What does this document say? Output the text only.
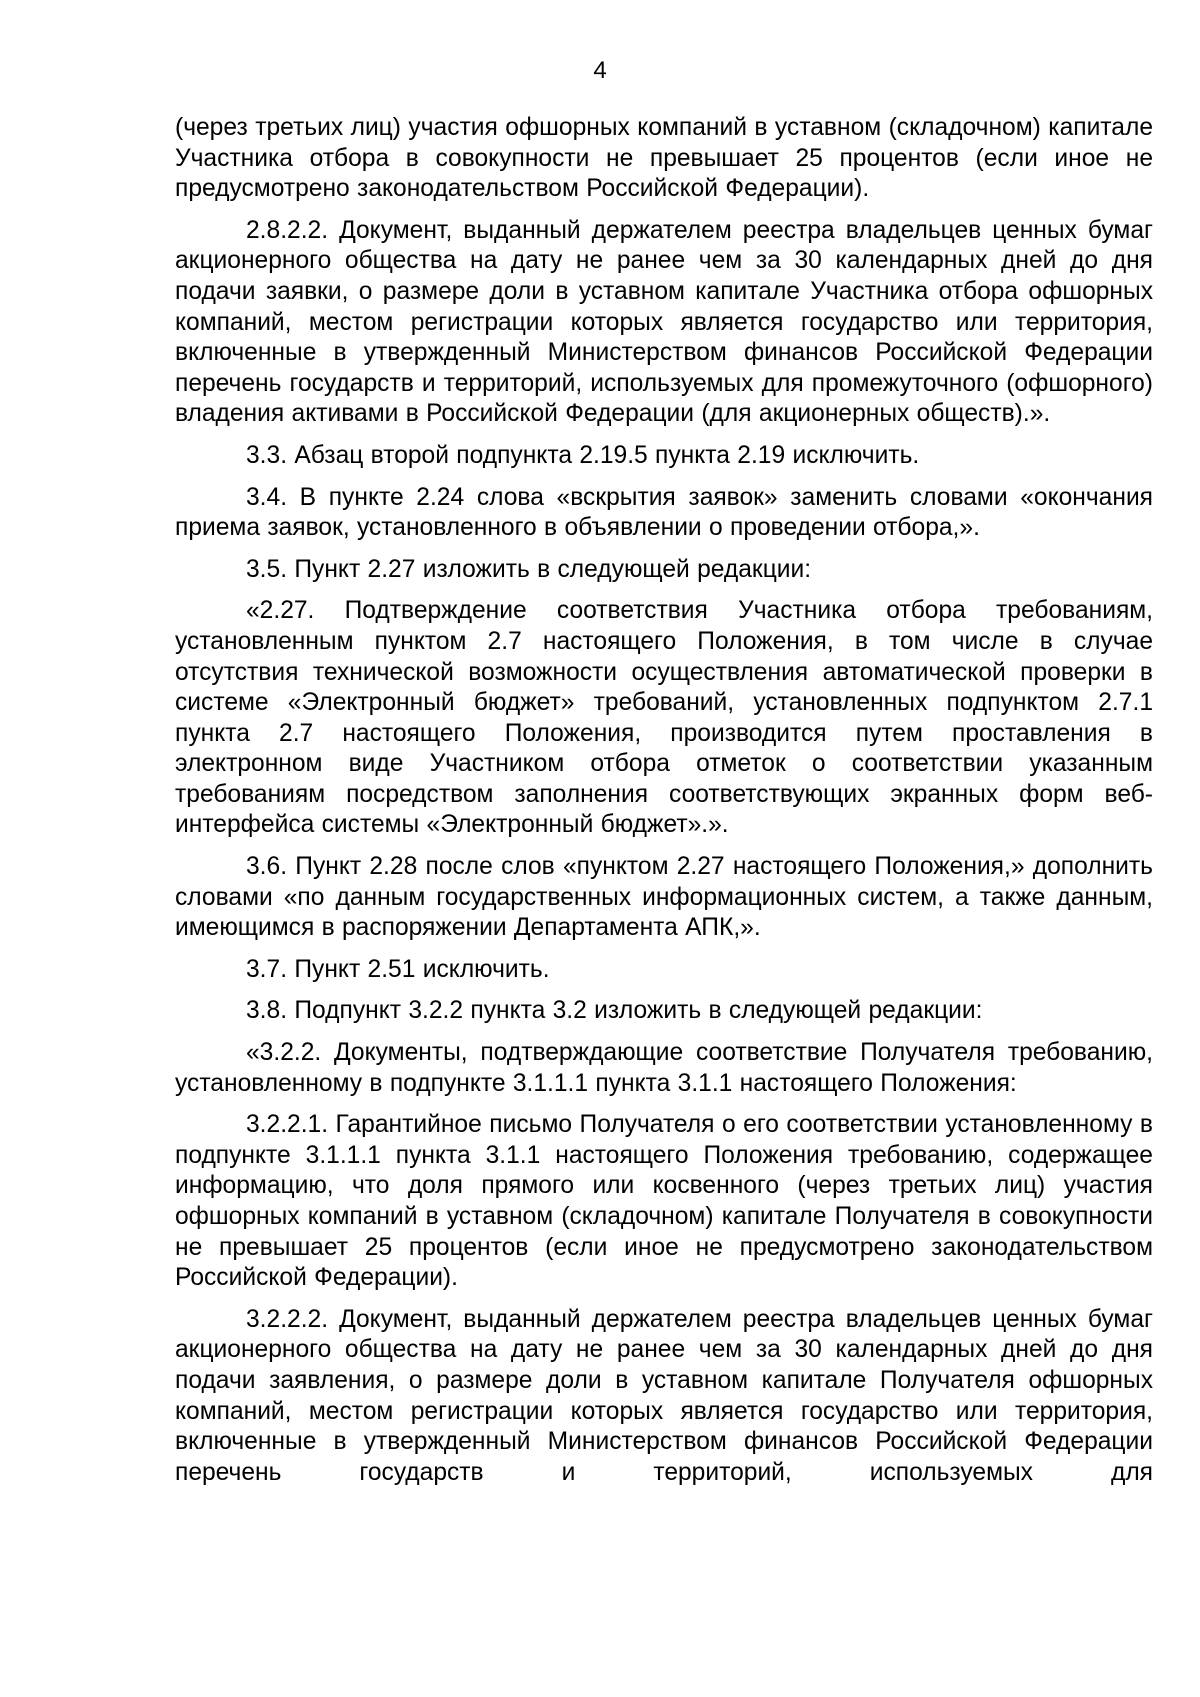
4

(через третьих лиц) участия офшорных компаний в уставном (складочном) капитале Участника отбора в совокупности не превышает 25 процентов (если иное не предусмотрено законодательством Российской Федерации).

2.8.2.2. Документ, выданный держателем реестра владельцев ценных бумаг акционерного общества на дату не ранее чем за 30 календарных дней до дня подачи заявки, о размере доли в уставном капитале Участника отбора офшорных компаний, местом регистрации которых является государство или территория, включенные в утвержденный Министерством финансов Российской Федерации перечень государств и территорий, используемых для промежуточного (офшорного) владения активами в Российской Федерации (для акционерных обществ).».

3.3. Абзац второй подпункта 2.19.5 пункта 2.19 исключить.

3.4. В пункте 2.24 слова «вскрытия заявок» заменить словами «окончания приема заявок, установленного в объявлении о проведении отбора,».

3.5. Пункт 2.27 изложить в следующей редакции:

«2.27. Подтверждение соответствия Участника отбора требованиям, установленным пунктом 2.7 настоящего Положения, в том числе в случае отсутствия технической возможности осуществления автоматической проверки в системе «Электронный бюджет» требований, установленных подпунктом 2.7.1 пункта 2.7 настоящего Положения, производится путем проставления в электронном виде Участником отбора отметок о соответствии указанным требованиям посредством заполнения соответствующих экранных форм веб-интерфейса системы «Электронный бюджет».».

3.6. Пункт 2.28 после слов «пунктом 2.27 настоящего Положения,» дополнить словами «по данным государственных информационных систем, а также данным, имеющимся в распоряжении Департамента АПК,».

3.7. Пункт 2.51 исключить.

3.8. Подпункт 3.2.2 пункта 3.2 изложить в следующей редакции:

«3.2.2. Документы, подтверждающие соответствие Получателя требованию, установленному в подпункте 3.1.1.1 пункта 3.1.1 настоящего Положения:

3.2.2.1. Гарантийное письмо Получателя о его соответствии установленному в подпункте 3.1.1.1 пункта 3.1.1 настоящего Положения требованию, содержащее информацию, что доля прямого или косвенного (через третьих лиц) участия офшорных компаний в уставном (складочном) капитале Получателя в совокупности не превышает 25 процентов (если иное не предусмотрено законодательством Российской Федерации).

3.2.2.2. Документ, выданный держателем реестра владельцев ценных бумаг акционерного общества на дату не ранее чем за 30 календарных дней до дня подачи заявления, о размере доли в уставном капитале Получателя офшорных компаний, местом регистрации которых является государство или территория, включенные в утвержденный Министерством финансов Российской Федерации перечень государств и территорий, используемых для
